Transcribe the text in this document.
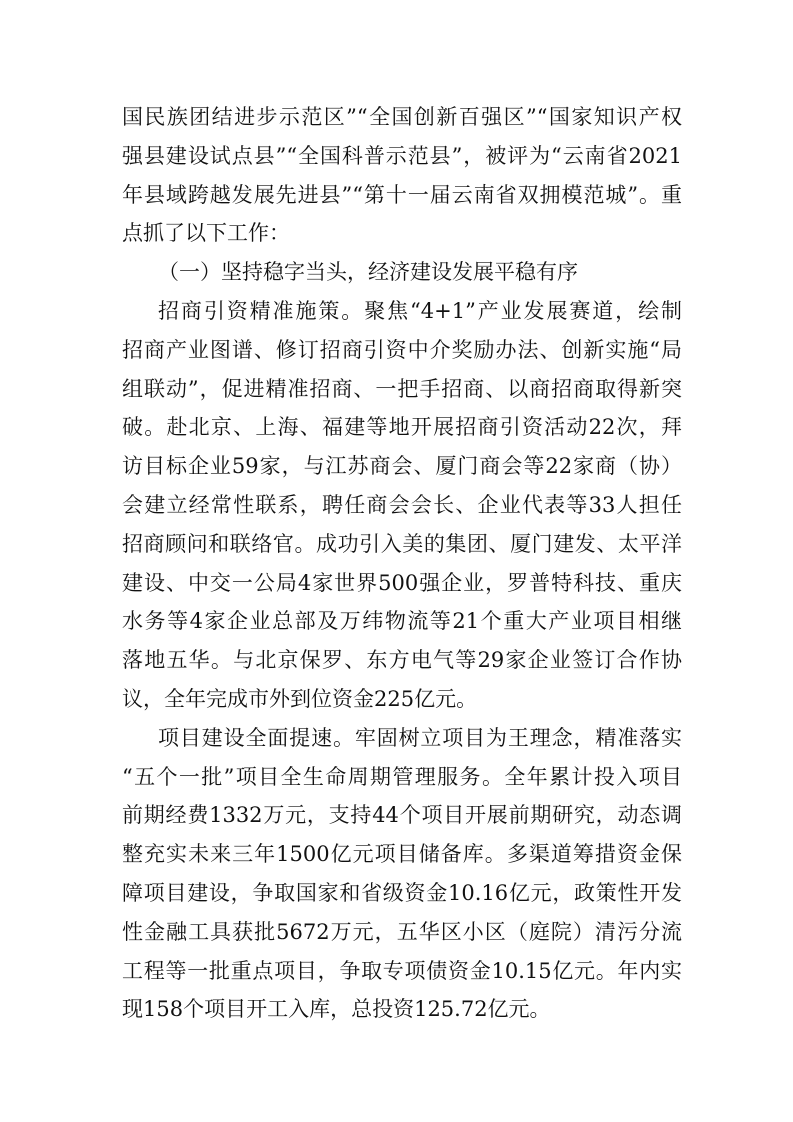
国民族团结进步示范区”“全国创新百强区”“国家知识产权
强县建设试点县”“全国科普示范县”，被评为“云南省2021
年县域跨越发展先进县”“第十一届云南省双拥模范城”。重
点抓了以下工作：
（一）坚持稳字当头，经济建设发展平稳有序
招商引资精准施策。聚焦“4+1”产业发展赛道，绘制
招商产业图谱、修订招商引资中介奖励办法、创新实施“局
组联动”，促进精准招商、一把手招商、以商招商取得新突
破。赴北京、上海、福建等地开展招商引资活动22次，拜
访目标企业59家，与江苏商会、厦门商会等22家商（协）
会建立经常性联系，聘任商会会长、企业代表等33人担任
招商顾问和联络官。成功引入美的集团、厦门建发、太平洋
建设、中交一公局4家世界500强企业，罗普特科技、重庆
水务等4家企业总部及万纬物流等21个重大产业项目相继
落地五华。与北京保罗、东方电气等29家企业签订合作协
议，全年完成市外到位资金225亿元。
项目建设全面提速。牢固树立项目为王理念，精准落实
“五个一批”项目全生命周期管理服务。全年累计投入项目
前期经费1332万元，支持44个项目开展前期研究，动态调
整充实未来三年1500亿元项目储备库。多渠道筹措资金保
障项目建设，争取国家和省级资金10.16亿元，政策性开发
性金融工具获批5672万元，五华区小区（庭院）清污分流
工程等一批重点项目，争取专项债资金10.15亿元。年内实
现158个项目开工入库，总投资125.72亿元。
